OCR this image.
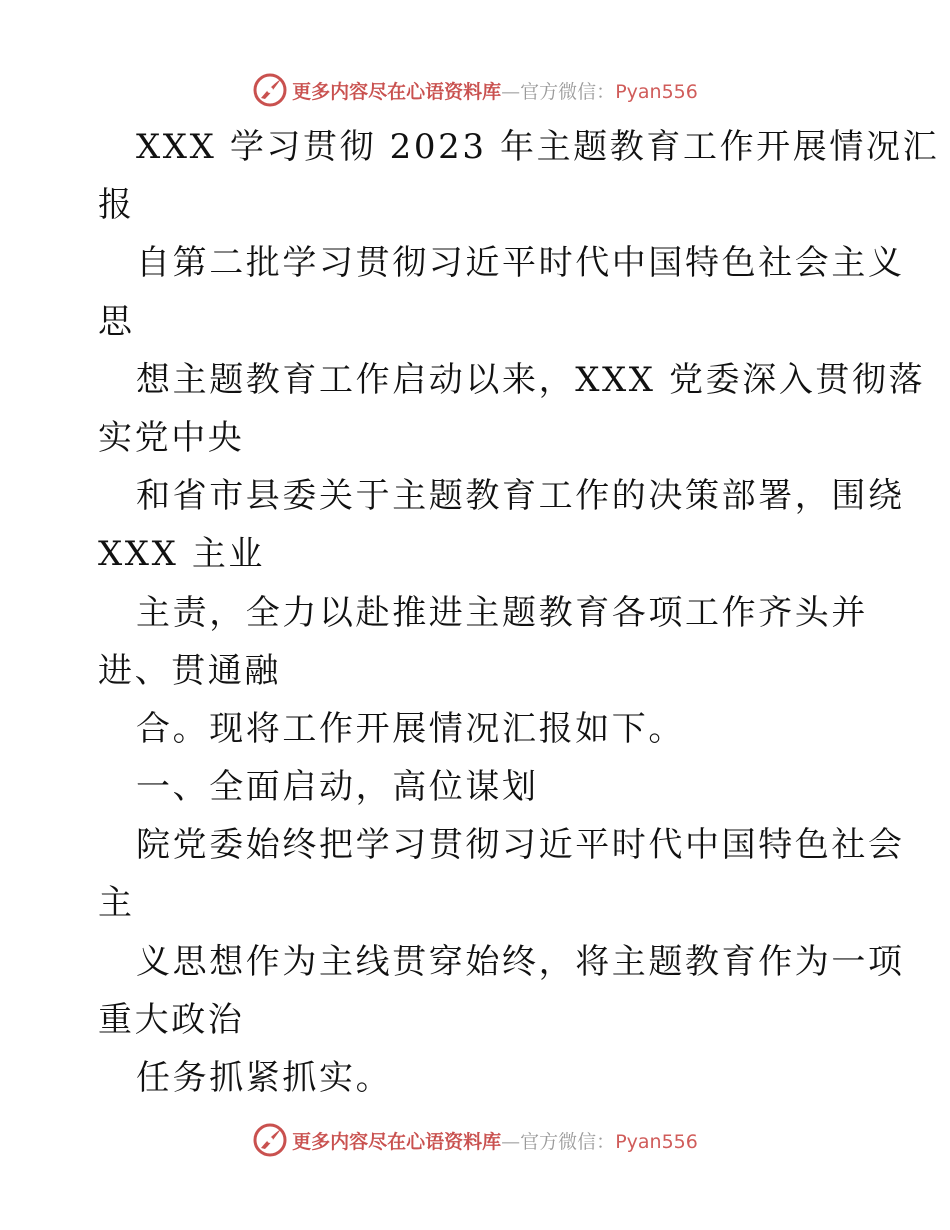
更多内容尽在心语资料库—官方微信：Pyan556
XXX 学习贯彻 2023 年主题教育工作开展情况汇
报
自第二批学习贯彻习近平时代中国特色社会主义
思
想主题教育工作启动以来，XXX 党委深入贯彻落
实党中央
和省市县委关于主题教育工作的决策部署，围绕
XXX 主业
主责，全力以赴推进主题教育各项工作齐头并
进、贯通融
合。现将工作开展情况汇报如下。
一、全面启动，高位谋划
院党委始终把学习贯彻习近平时代中国特色社会
主
义思想作为主线贯穿始终，将主题教育作为一项
重大政治
任务抓紧抓实。
更多内容尽在心语资料库—官方微信：Pyan556
